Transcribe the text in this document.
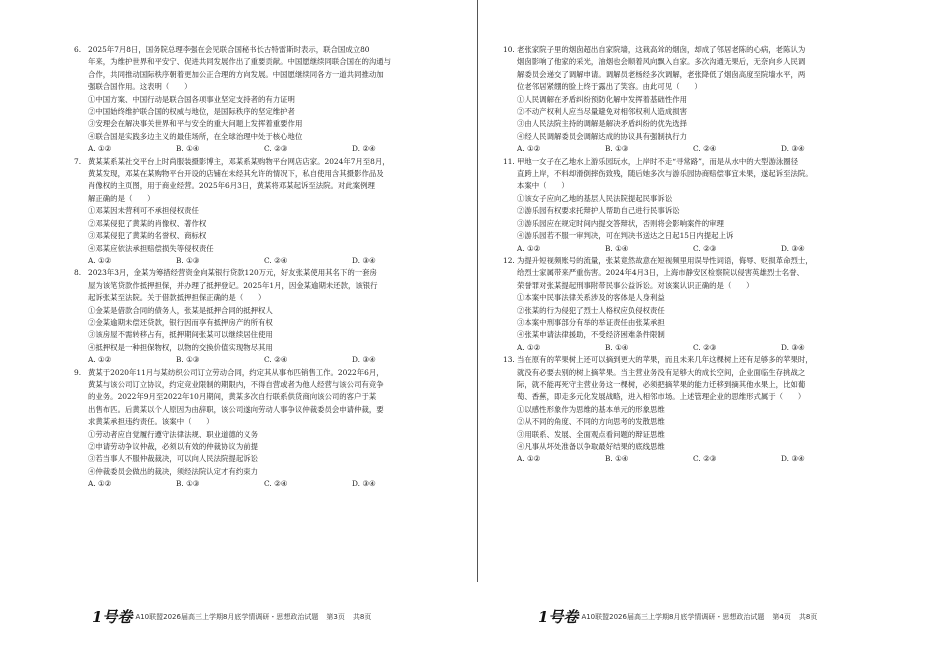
6. 2025年7月8日，国务院总理李强在会见联合国秘书长古特雷斯时表示，联合国成立80
年来，为维护世界和平安宁、促进共同发展作出了重要贡献。中国愿继续同联合国在的沟通与
合作，共同推动国际秩序朝着更加公正合理的方向发展。中国愿继续同各方一道共同推动加
强联合国作用。这表明（　　）
①中国方案、中国行动是联合国各项事业坚定支持者的有力证明
②中国始终维护联合国的权威与地位，是国际秩序的坚定维护者
③安理会在解决事关世界和平与安全的重大问题上发挥着重要作用
④联合国是实践多边主义的最佳场所，在全球治理中处于核心地位
A. ①②	B. ①④	C. ②③	D. ②④
7. 黄某某系某社交平台上时尚服装摄影博主，邓某系某购物平台网店店家。2024年7月至8月，
黄某发现，邓某在某购物平台开设的店铺在未经其允许的情况下，私自使用含其摄影作品及
肖像权的主页图，用于商业经营。2025年6月3日，黄某将邓某起诉至法院。对此案例理
解正确的是（　　）
①邓某因未营利可不承担侵权责任
②邓某侵犯了黄某的肖像权、著作权
③邓某侵犯了黄某的名誉权、商标权
④邓某应依法承担赔偿损失等侵权责任
A. ①②	B. ①③	C. ②④	D. ③④
8. 2023年3月，金某为筹措经营资金向某银行贷款120万元，好友张某使用其名下的一套房
屋为该笔贷款作抵押担保，并办理了抵押登记。2025年1月，因金某逾期未还款，该银行
起诉张某至法院。关于借款抵押担保正确的是（　　）
①金某是借款合同的债务人，张某是抵押合同的抵押权人
②金某逾期未偿还贷款，银行因而享有抵押房产的所有权
③该房屋不需转移占有，抵押期间张某可以继续居住使用
④抵押权是一种担保物权，以物的交换价值实现物尽其用
A. ①②	B. ①③	C. ②④	D. ③④
9. 黄某于2020年11月与某纺织公司订立劳动合同，约定其从事布匹销售工作。2022年6月，
黄某与该公司订立协议，约定竞业限制的期限内，不得自营或者为他人经营与该公司有竞争
的业务。2022年9月至2022年10月期间，黄某多次自行联系供货商向该公司的客户于某
出售布匹。后黄某以个人原因为由辞职，该公司遂向劳动人事争议仲裁委员会申请仲裁，要
求黄某承担违约责任。该案中（　　）
①劳动者应自觉履行遵守法律法规、职业道德的义务
②申请劳动争议仲裁，必须以有效的仲裁协议为前提
③若当事人不服仲裁裁决，可以向人民法院提起诉讼
④仲裁委员会做出的裁决，须经法院认定才有约束力
A. ①②	B. ①③	C. ②④	D. ③④
10. 老张家院子里的烟囱超出自家院墙，这栽高耸的烟囱，却成了邻居老陈的心病，老陈认为
烟囱影响了他家的采光，油烟也会顺着风向飘入自家。多次沟通无果后，无奈向乡人民调
解委员会递交了调解申请。调解员老杨经多次调解，老张降低了烟囱高度至院墙水平，两
位老邻居紧绷的脸上终于露出了笑容。由此可见（　　）
①人民调解在矛盾纠纷预防化解中发挥着基础性作用
②不动产权利人应当尽量避免对相邻权利人造成损害
③由人民法院主持的调解是解决矛盾纠纷的优先选择
④经人民调解委员会调解达成的协议具有强制执行力
A. ①②	B. ①③	C. ②④	D. ③④
11. 甲地一女子在乙地水上游乐园玩水，上岸时不走“寻常路”，而是从水中的大型游泳圈径
直跨上岸，不料却滑倒摔伤致残，随后她多次与游乐园协商赔偿事宜未果，遂起诉至法院。
本案中（　　）
①该女子应向乙地的基层人民法院提起民事诉讼
②游乐园有权要求托辩护人帮助自己进行民事诉讼
③游乐园应在规定时间内提交答辩状，否则将会影响案件的审理
④游乐园若不服一审判决，可在判决书送达之日起15日内提起上诉
A. ①②	B. ①④	C. ②③	D. ③④
12. 为提升短视频账号的流量，张某竟然故意在短视频里用误导性词语，侮辱、贬损革命烈士，
给烈士家属带来严重伤害。2024年4月3日，上海市静安区检察院以侵害英雄烈士名誉、
荣誉罪对张某提起刑事附带民事公益诉讼。对该案认识正确的是（　　）
①本案中民事法律关系涉及的客体是人身利益
②张某的行为侵犯了烈士人格权应负侵权责任
③本案中刑事部分有举的举证责任由张某承担
④张某申请法律援助，不受经济困难条件限制
A. ①②	B. ①④	C. ②③	D. ③④
13. 当在原有的苹果树上还可以摘到更大的苹果，而且未来几年这棵树上还有足够多的苹果时，
就没有必要去别的树上摘苹果。当主营业务没有足够大的成长空间，企业面临生存挑战之
际，就不能再死守主营业务这一棵树，必须把摘苹果的能力迁移到摘其他水果上，比如葡
萄、香蕉，即走多元化发展战略，进入相邻市场。上述管理企业的思维形式属于（　　）
①以感性形象作为思维的基本单元的形象思维
②从不同的角度、不同的方向思考的发散思维
③用联系、发展、全面观点看问题的辩证思维
④凡事从坏处准备以争取最好结果的底线思维
A. ①②	B. ①④	C. ②③	D. ③④
1号卷 A10联盟2026届高三上学期8月底学情调研・思想政治试题 第3页 共8页	1号卷 A10联盟2026届高三上学期8月底学情调研・思想政治试题 第4页 共8页
